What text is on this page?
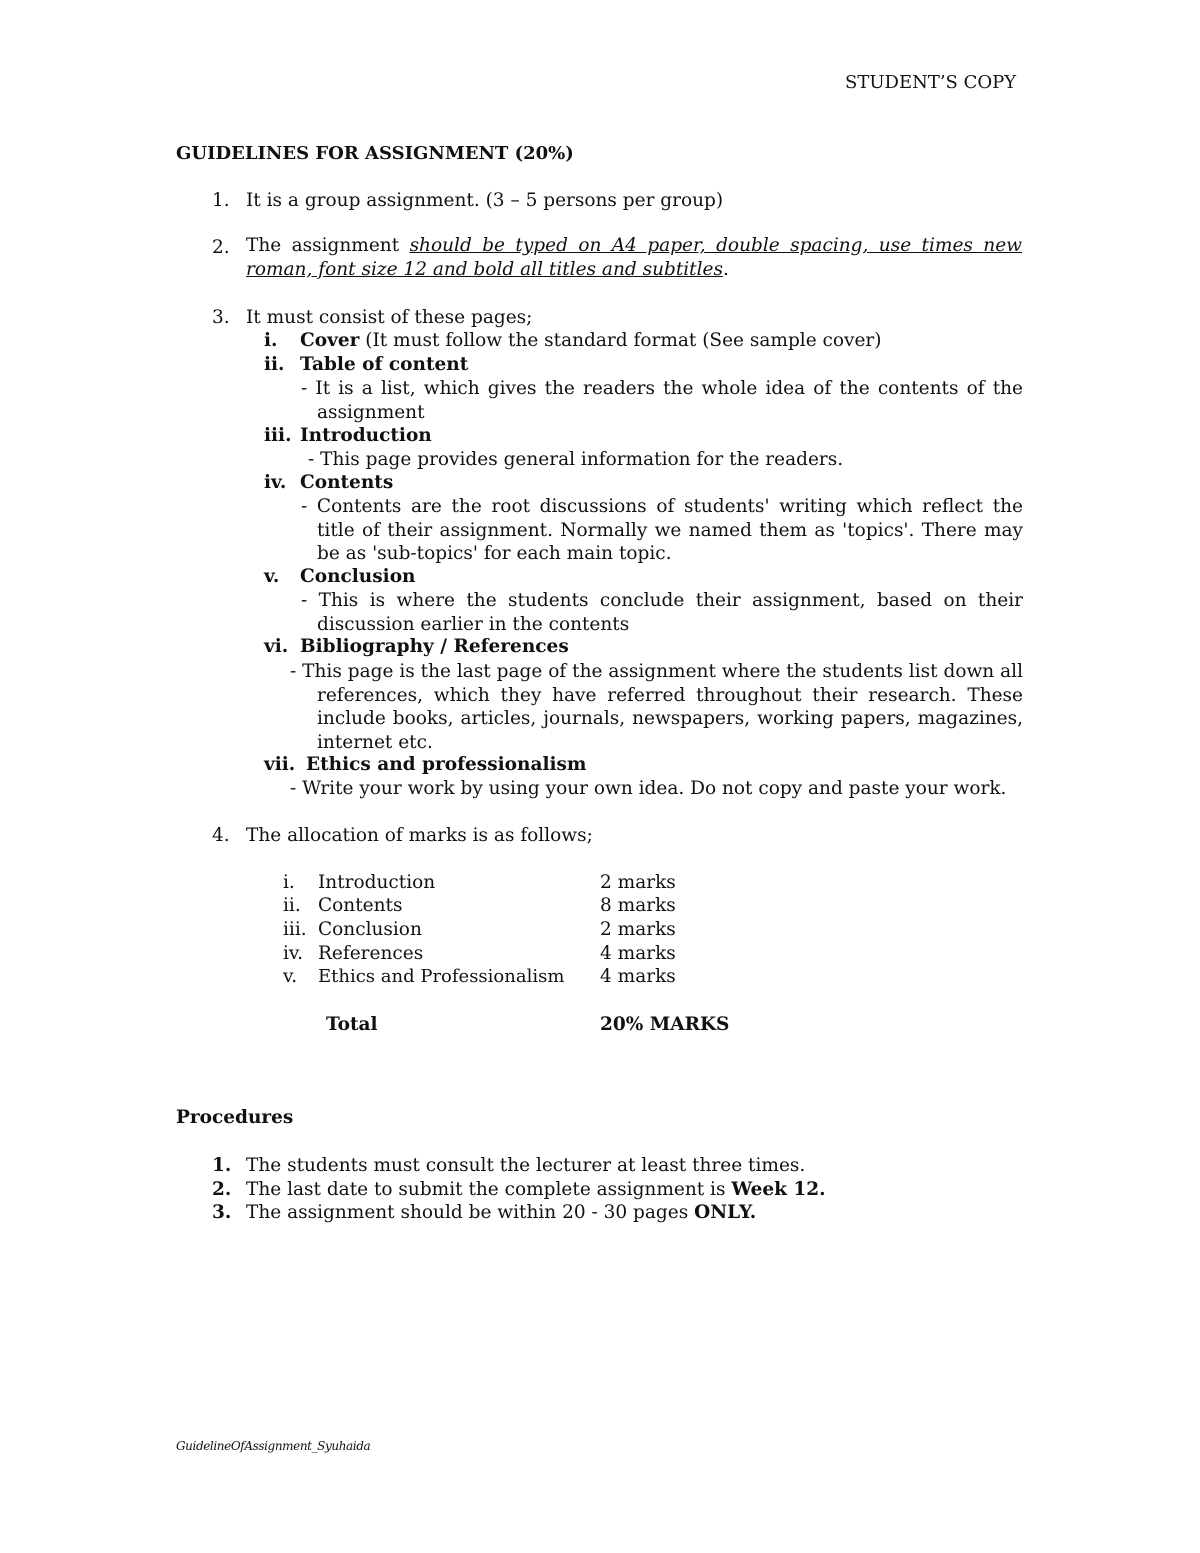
STUDENT’S COPY
GUIDELINES FOR ASSIGNMENT (20%)
1. It is a group assignment. (3 – 5 persons per group)
2. The assignment should be typed on A4 paper, double spacing, use times new roman, font size 12 and bold all titles and subtitles.
3. It must consist of these pages;
i. Cover (It must follow the standard format (See sample cover)
ii. Table of content
- It is a list, which gives the readers the whole idea of the contents of the assignment
iii. Introduction
- This page provides general information for the readers.
iv. Contents
- Contents are the root discussions of students' writing which reflect the title of their assignment. Normally we named them as 'topics'. There may be as 'sub-topics' for each main topic.
v. Conclusion
- This is where the students conclude their assignment, based on their discussion earlier in the contents
vi. Bibliography / References
- This page is the last page of the assignment where the students list down all references, which they have referred throughout their research. These include books, articles, journals, newspapers, working papers, magazines, internet etc.
vii. Ethics and professionalism
- Write your work by using your own idea. Do not copy and paste your work.
4. The allocation of marks is as follows;
i. Introduction	2 marks
ii. Contents	8 marks
iii. Conclusion	2 marks
iv. References	4 marks
v. Ethics and Professionalism 4 marks
Total	20% MARKS
Procedures
1. The students must consult the lecturer at least three times.
2. The last date to submit the complete assignment is Week 12.
3. The assignment should be within 20 - 30 pages ONLY.
GuidelineOfAssignment_Syuhaida
